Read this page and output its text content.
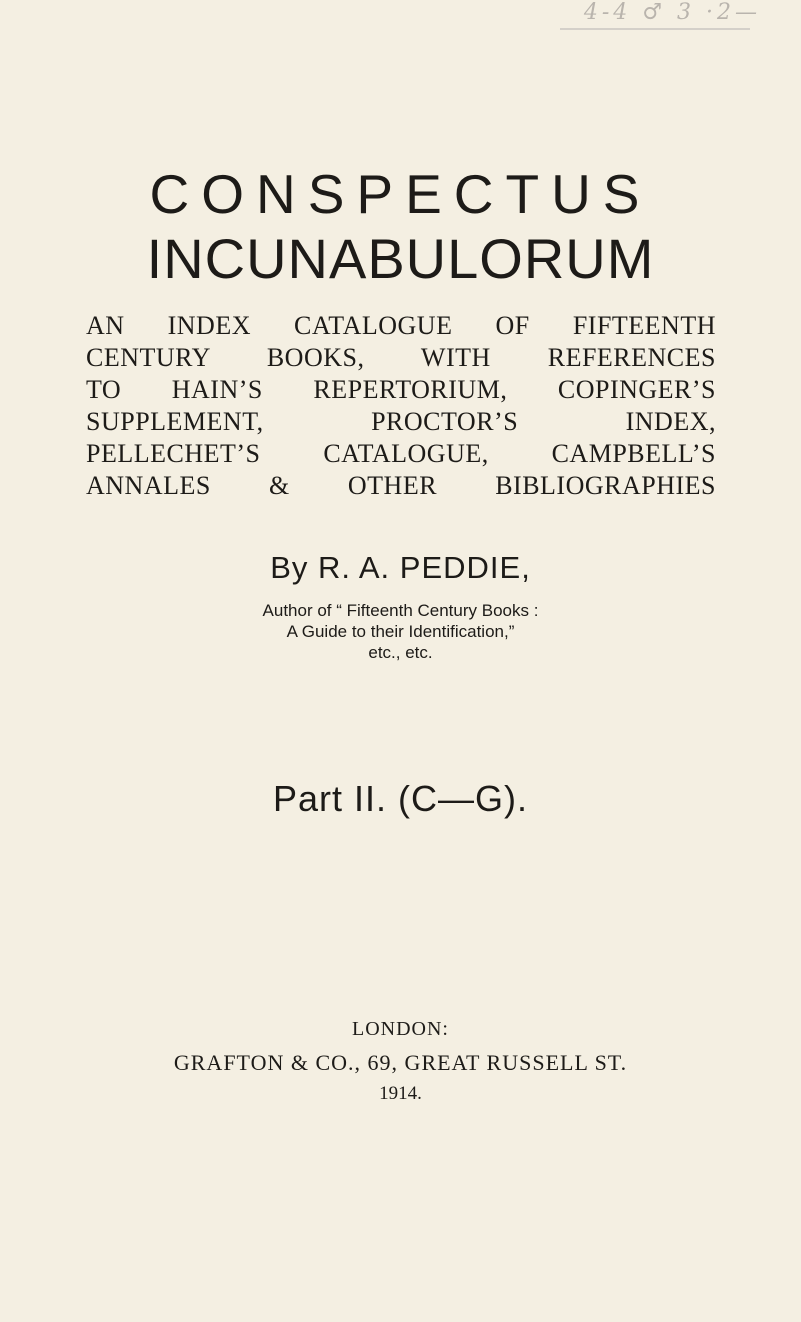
4-4 ♂ 3 ·2—
CONSPECTUS
INCUNABULORUM
AN INDEX CATALOGUE OF FIFTEENTH
CENTURY BOOKS, WITH REFERENCES
TO HAIN’S REPERTORIUM, COPINGER’S
SUPPLEMENT, PROCTOR’S INDEX,
PELLECHET’S CATALOGUE, CAMPBELL’S
ANNALES & OTHER BIBLIOGRAPHIES
By R. A. PEDDIE,
Author of “ Fifteenth Century Books :
A Guide to their Identification,”
etc., etc.
Part II. (C—G).
LONDON:
GRAFTON & CO., 69, GREAT RUSSELL ST.
1914.
